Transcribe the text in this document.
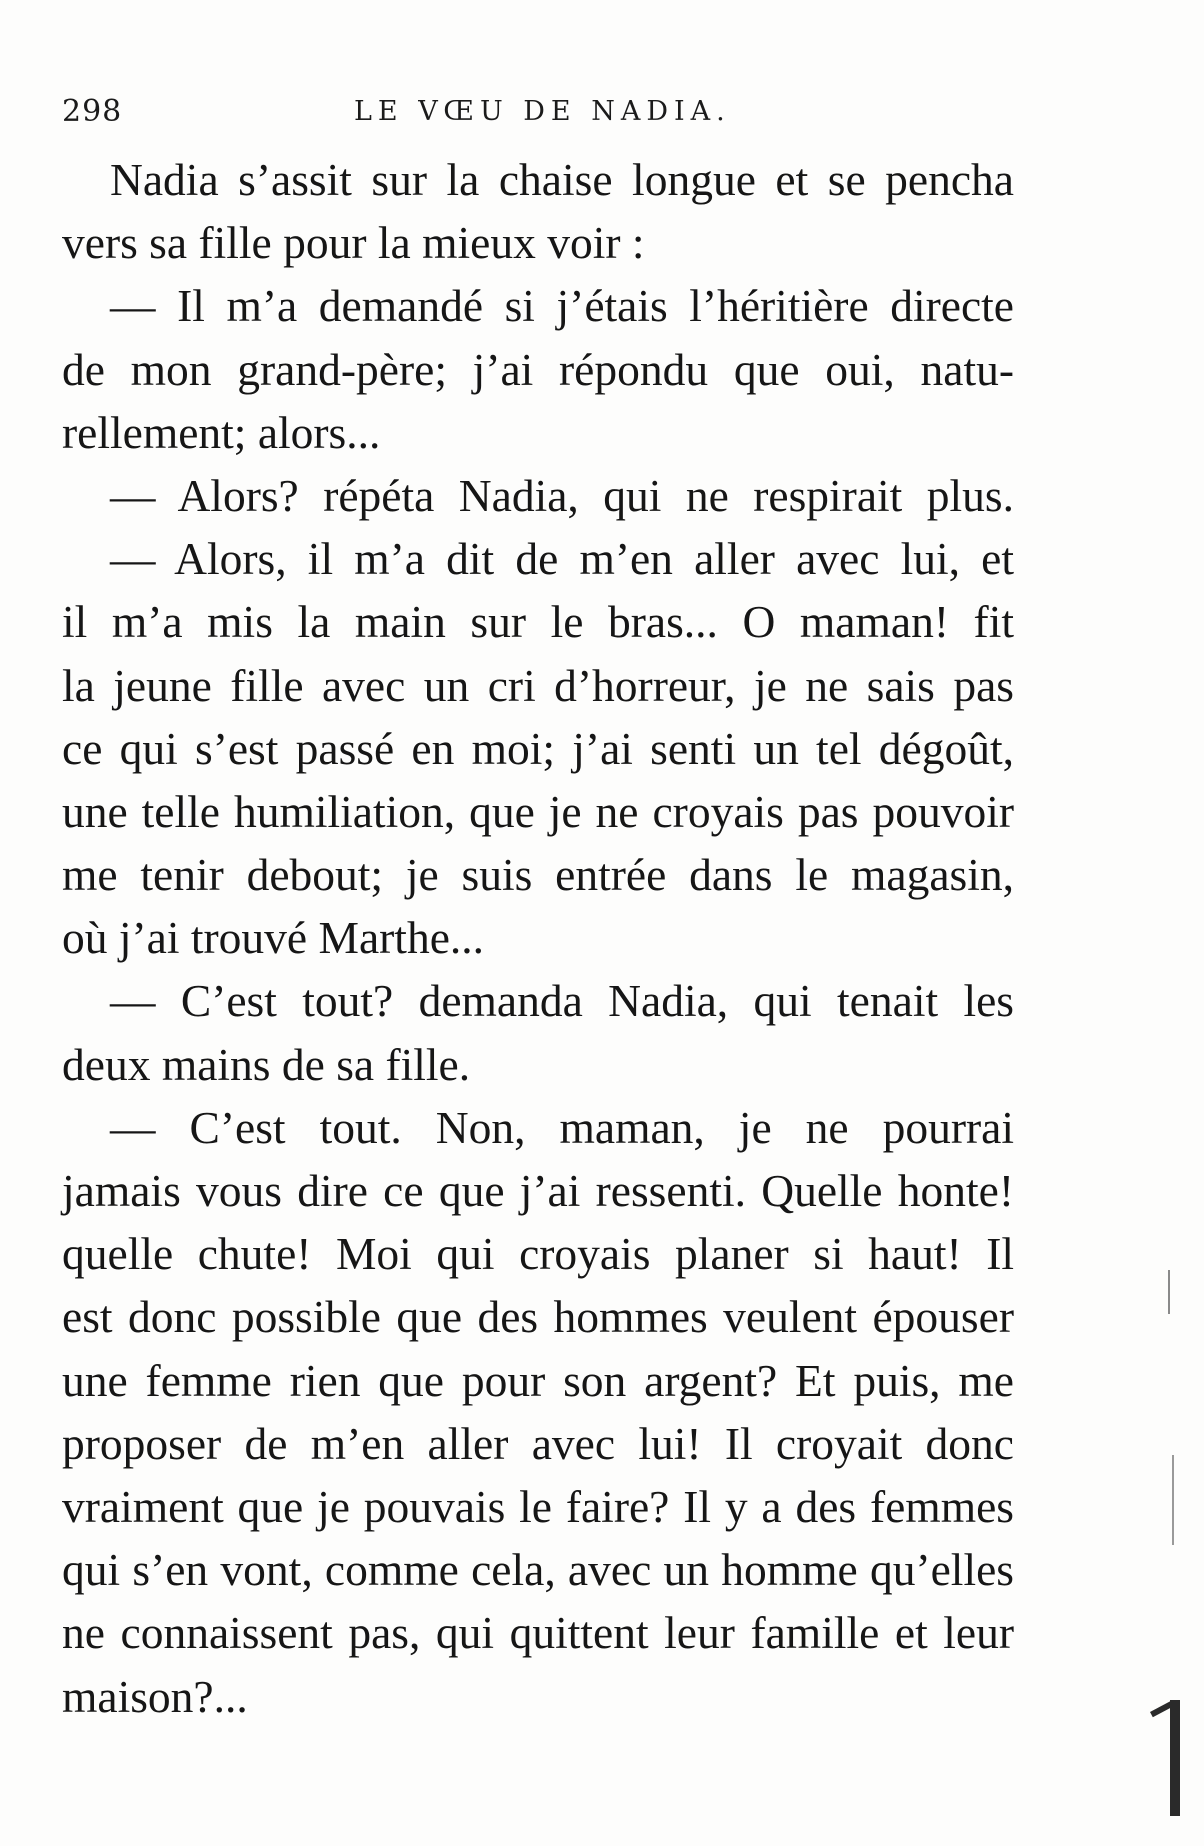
298	LE VŒU DE NADIA.
Nadia s’assit sur la chaise longue et se pencha
vers sa fille pour la mieux voir :
— Il m’a demandé si j’étais l’héritière directe
de mon grand-père; j’ai répondu que oui, natu-
rellement; alors...
— Alors? répéta Nadia, qui ne respirait plus.
— Alors, il m’a dit de m’en aller avec lui, et
il m’a mis la main sur le bras... O maman! fit
la jeune fille avec un cri d’horreur, je ne sais pas
ce qui s’est passé en moi; j’ai senti un tel dégoût,
une telle humiliation, que je ne croyais pas pouvoir
me tenir debout; je suis entrée dans le magasin,
où j’ai trouvé Marthe...
— C’est tout? demanda Nadia, qui tenait les
deux mains de sa fille.
— C’est tout. Non, maman, je ne pourrai
jamais vous dire ce que j’ai ressenti. Quelle honte!
quelle chute! Moi qui croyais planer si haut! Il
est donc possible que des hommes veulent épouser
une femme rien que pour son argent? Et puis, me
proposer de m’en aller avec lui! Il croyait donc
vraiment que je pouvais le faire? Il y a des femmes
qui s’en vont, comme cela, avec un homme qu’elles
ne connaissent pas, qui quittent leur famille et leur
maison?...
